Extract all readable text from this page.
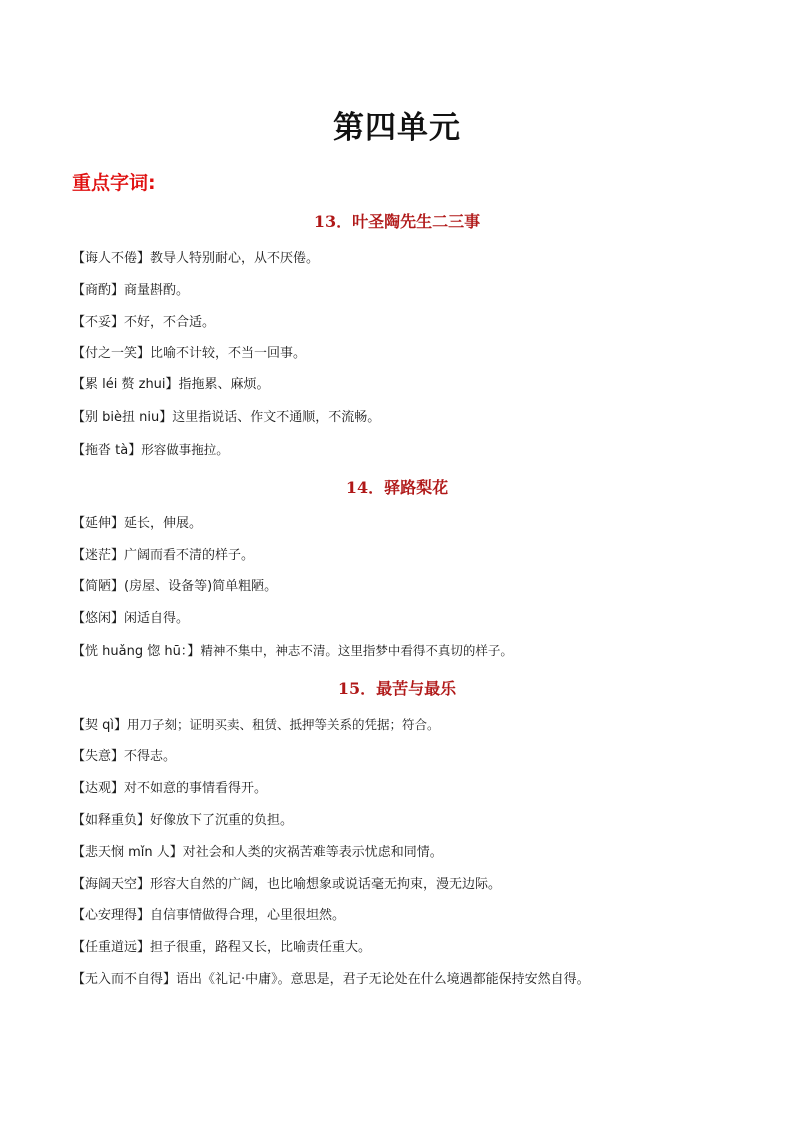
第四单元
重点字词:
13．叶圣陶先生二三事
【诲人不倦】教导人特别耐心，从不厌倦。
【商酌】商量斟酌。
【不妥】不好，不合适。
【付之一笑】比喻不计较，不当一回事。
【累 léi 赘 zhui】指拖累、麻烦。
【别 biè扭 niu】这里指说话、作文不通顺，不流畅。
【拖沓 tà】形容做事拖拉。
14．驿路梨花
【延伸】延长，伸展。
【迷茫】广阔而看不清的样子。
【简陋】(房屋、设备等)简单粗陋。
【悠闲】闲适自得。
【恍 huǎng 惚 hū：】精神不集中，神志不清。这里指梦中看得不真切的样子。
15．最苦与最乐
【契 qì】用刀子刻；证明买卖、租赁、抵押等关系的凭据；符合。
【失意】不得志。
【达观】对不如意的事情看得开。
【如释重负】好像放下了沉重的负担。
【悲天悯 mǐn 人】对社会和人类的灾祸苦难等表示忧虑和同情。
【海阔天空】形容大自然的广阔，也比喻想象或说话毫无拘束，漫无边际。
【心安理得】自信事情做得合理，心里很坦然。
【任重道远】担子很重，路程又长，比喻责任重大。
【无入而不自得】语出《礼记·中庸》。意思是，君子无论处在什么境遇都能保持安然自得。
